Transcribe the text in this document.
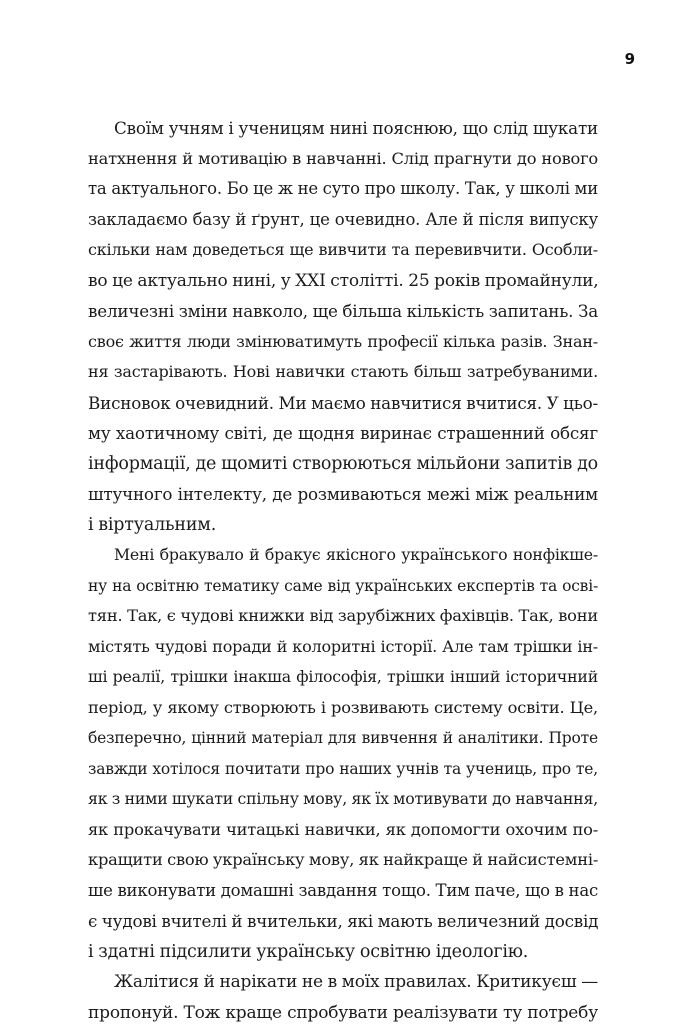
9
Своїм учням і ученицям нині пояснюю, що слід шукати
натхнення й мотивацію в навчанні. Слід прагнути до нового
та актуального. Бо це ж не суто про школу. Так, у школі ми
закладаємо базу й ґрунт, це очевидно. Але й після випуску
скільки нам доведеться ще вивчити та перевивчити. Особли-
во це актуально нині, у XXI столітті. 25 років промайнули,
величезні зміни навколо, ще більша кількість запитань. За
своє життя люди змінюватимуть професії кілька разів. Знан-
ня застарівають. Нові навички стають більш затребуваними.
Висновок очевидний. Ми маємо навчитися вчитися. У цьо-
му хаотичному світі, де щодня виринає страшенний обсяг
інформації, де щомиті створюються мільйони запитів до
штучного інтелекту, де розмиваються межі між реальним
і віртуальним.
Мені бракувало й бракує якісного українського нонфікше-
ну на освітню тематику саме від українських експертів та осві-
тян. Так, є чудові книжки від зарубіжних фахівців. Так, вони
містять чудові поради й колоритні історії. Але там трішки ін-
ші реалії, трішки інакша філософія, трішки інший історичний
період, у якому створюють і розвивають систему освіти. Це,
безперечно, цінний матеріал для вивчення й аналітики. Проте
завжди хотілося почитати про наших учнів та учениць, про те,
як з ними шукати спільну мову, як їх мотивувати до навчання,
як прокачувати читацькі навички, як допомогти охочим по-
кращити свою українську мову, як найкраще й найсистемні-
ше виконувати домашні завдання тощо. Тим паче, що в нас
є чудові вчителі й вчительки, які мають величезний досвід
і здатні підсилити українську освітню ідеологію.
Жалітися й нарікати не в моїх правилах. Критикуєш —
пропонуй. Тож краще спробувати реалізувати ту потребу
